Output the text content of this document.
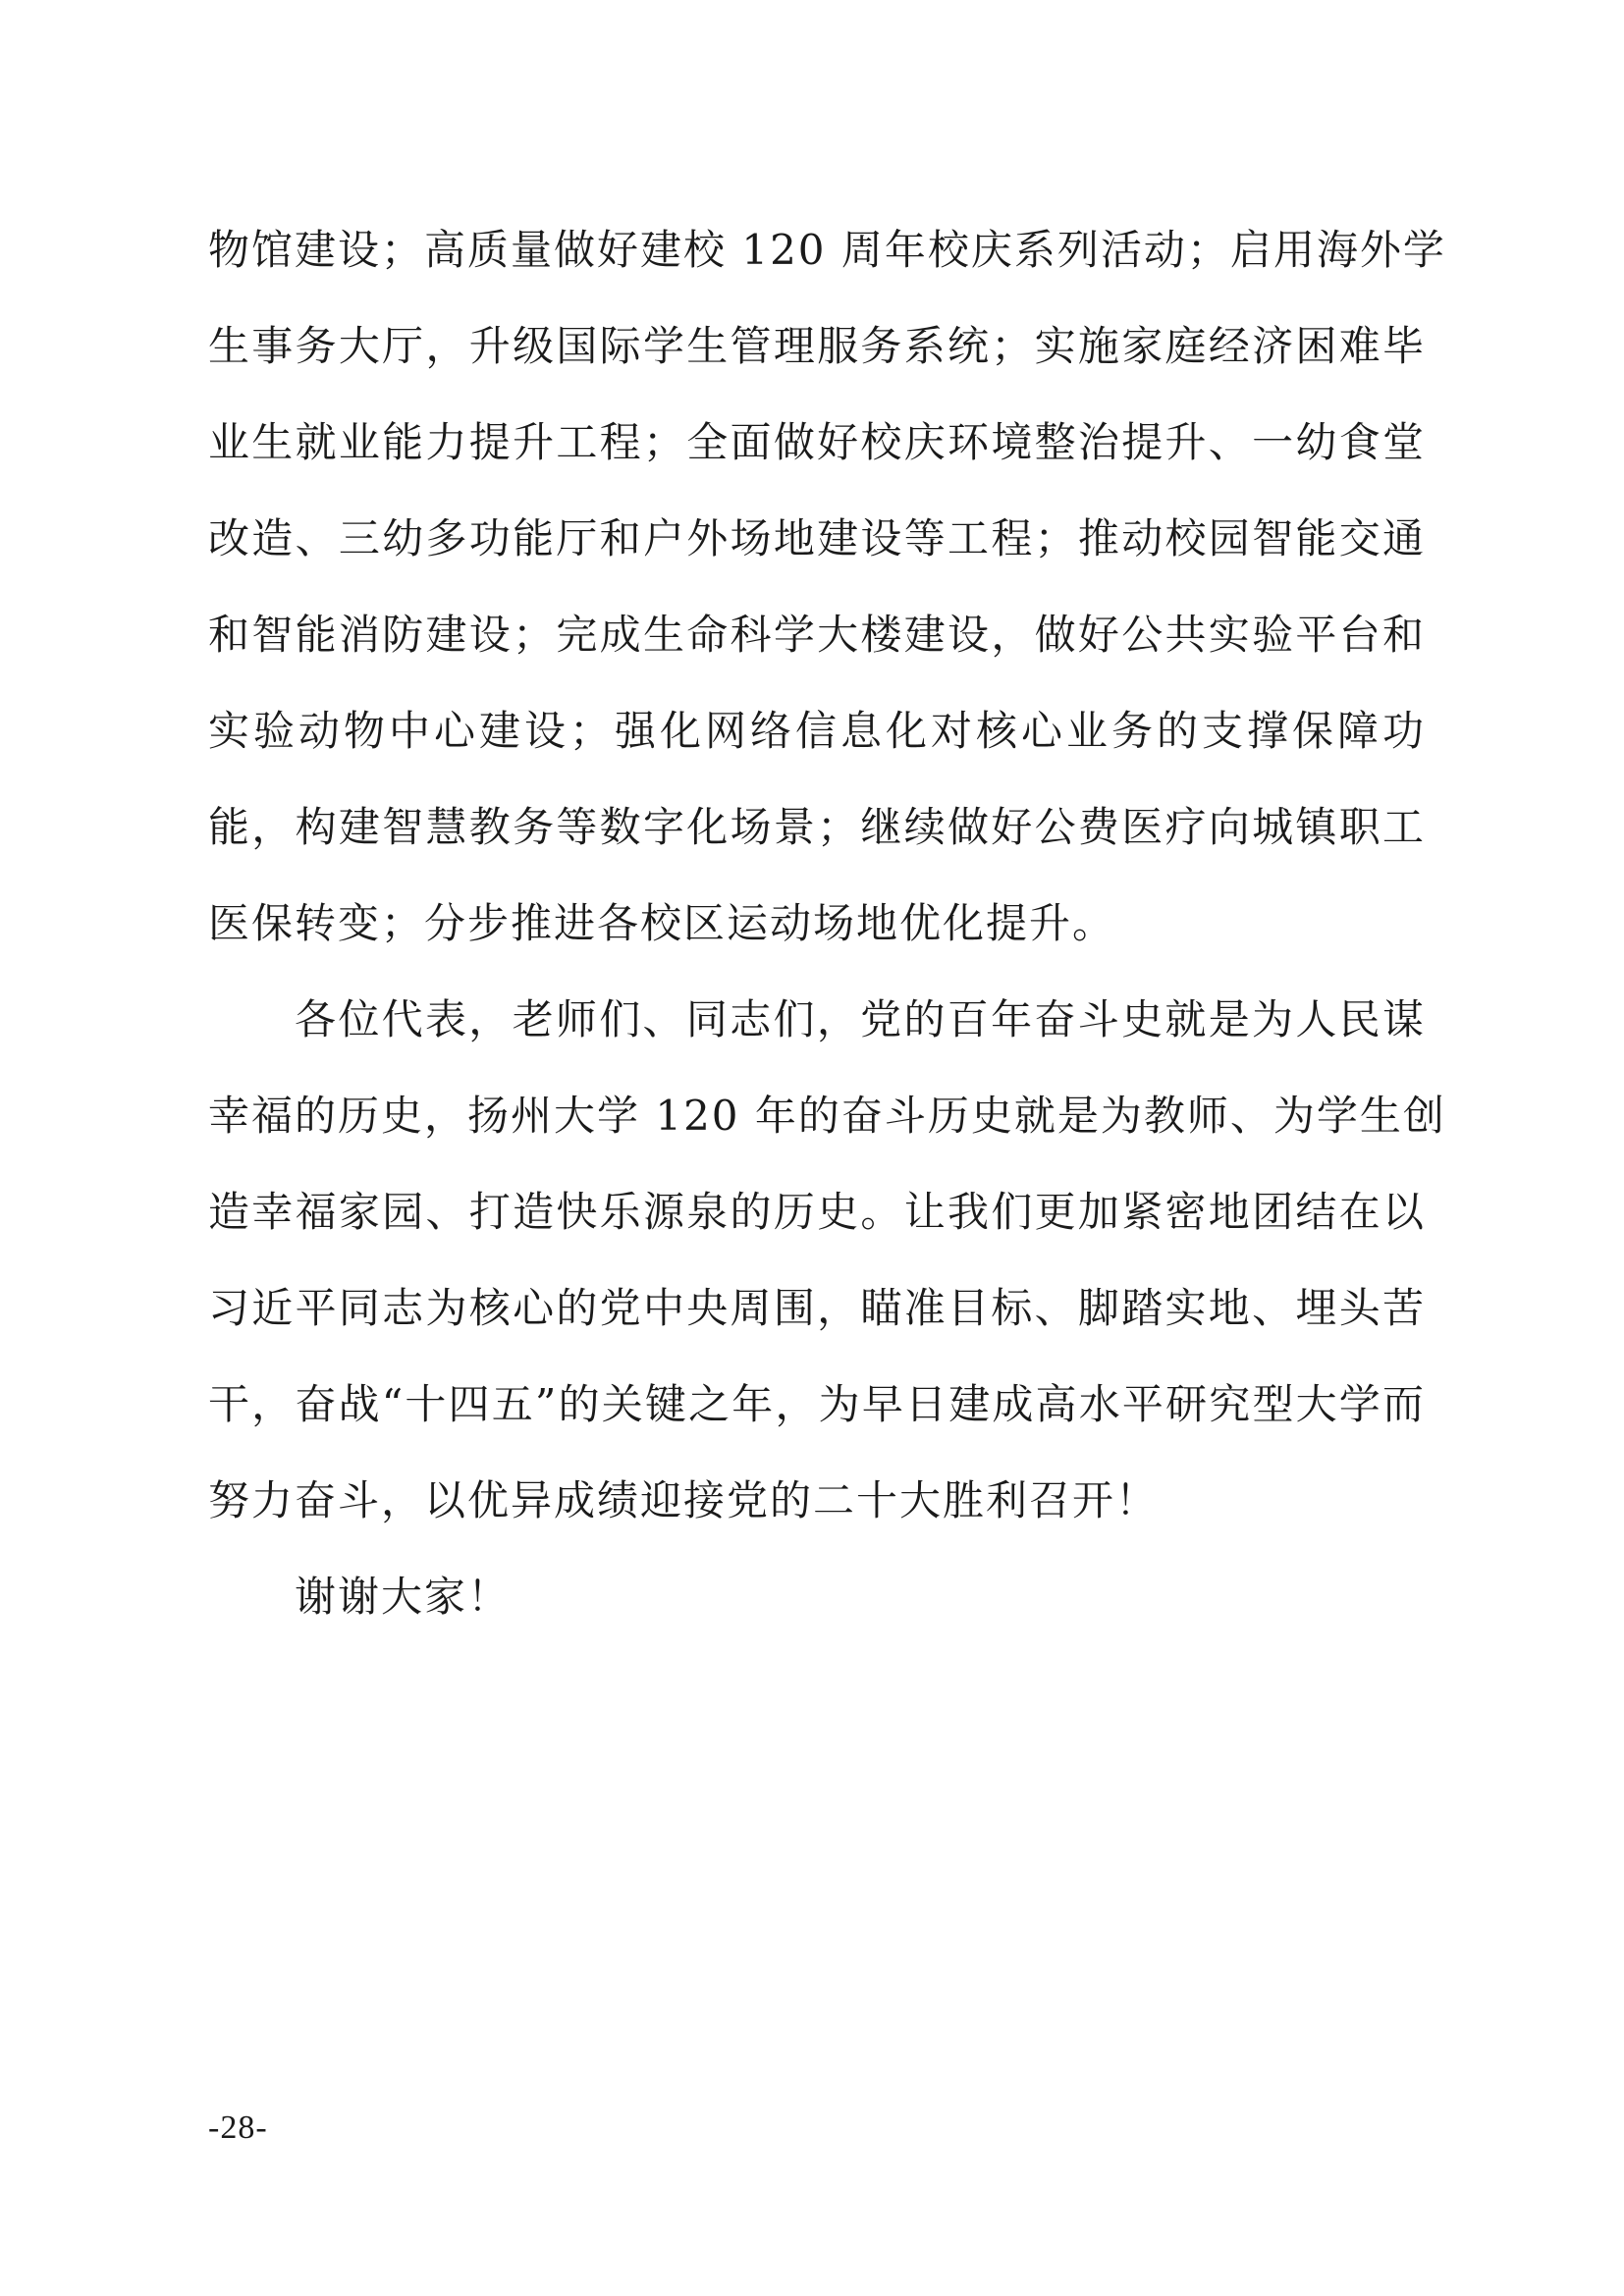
物馆建设；高质量做好建校 120 周年校庆系列活动；启用海外学
生事务大厅，升级国际学生管理服务系统；实施家庭经济困难毕
业生就业能力提升工程；全面做好校庆环境整治提升、一幼食堂
改造、三幼多功能厅和户外场地建设等工程；推动校园智能交通
和智能消防建设；完成生命科学大楼建设，做好公共实验平台和
实验动物中心建设；强化网络信息化对核心业务的支撑保障功
能，构建智慧教务等数字化场景；继续做好公费医疗向城镇职工
医保转变；分步推进各校区运动场地优化提升。
各位代表，老师们、同志们，党的百年奋斗史就是为人民谋
幸福的历史，扬州大学 120 年的奋斗历史就是为教师、为学生创
造幸福家园、打造快乐源泉的历史。让我们更加紧密地团结在以
习近平同志为核心的党中央周围，瞄准目标、脚踏实地、埋头苦
干，奋战“十四五”的关键之年，为早日建成高水平研究型大学而
努力奋斗，以优异成绩迎接党的二十大胜利召开！
谢谢大家！
-28-
